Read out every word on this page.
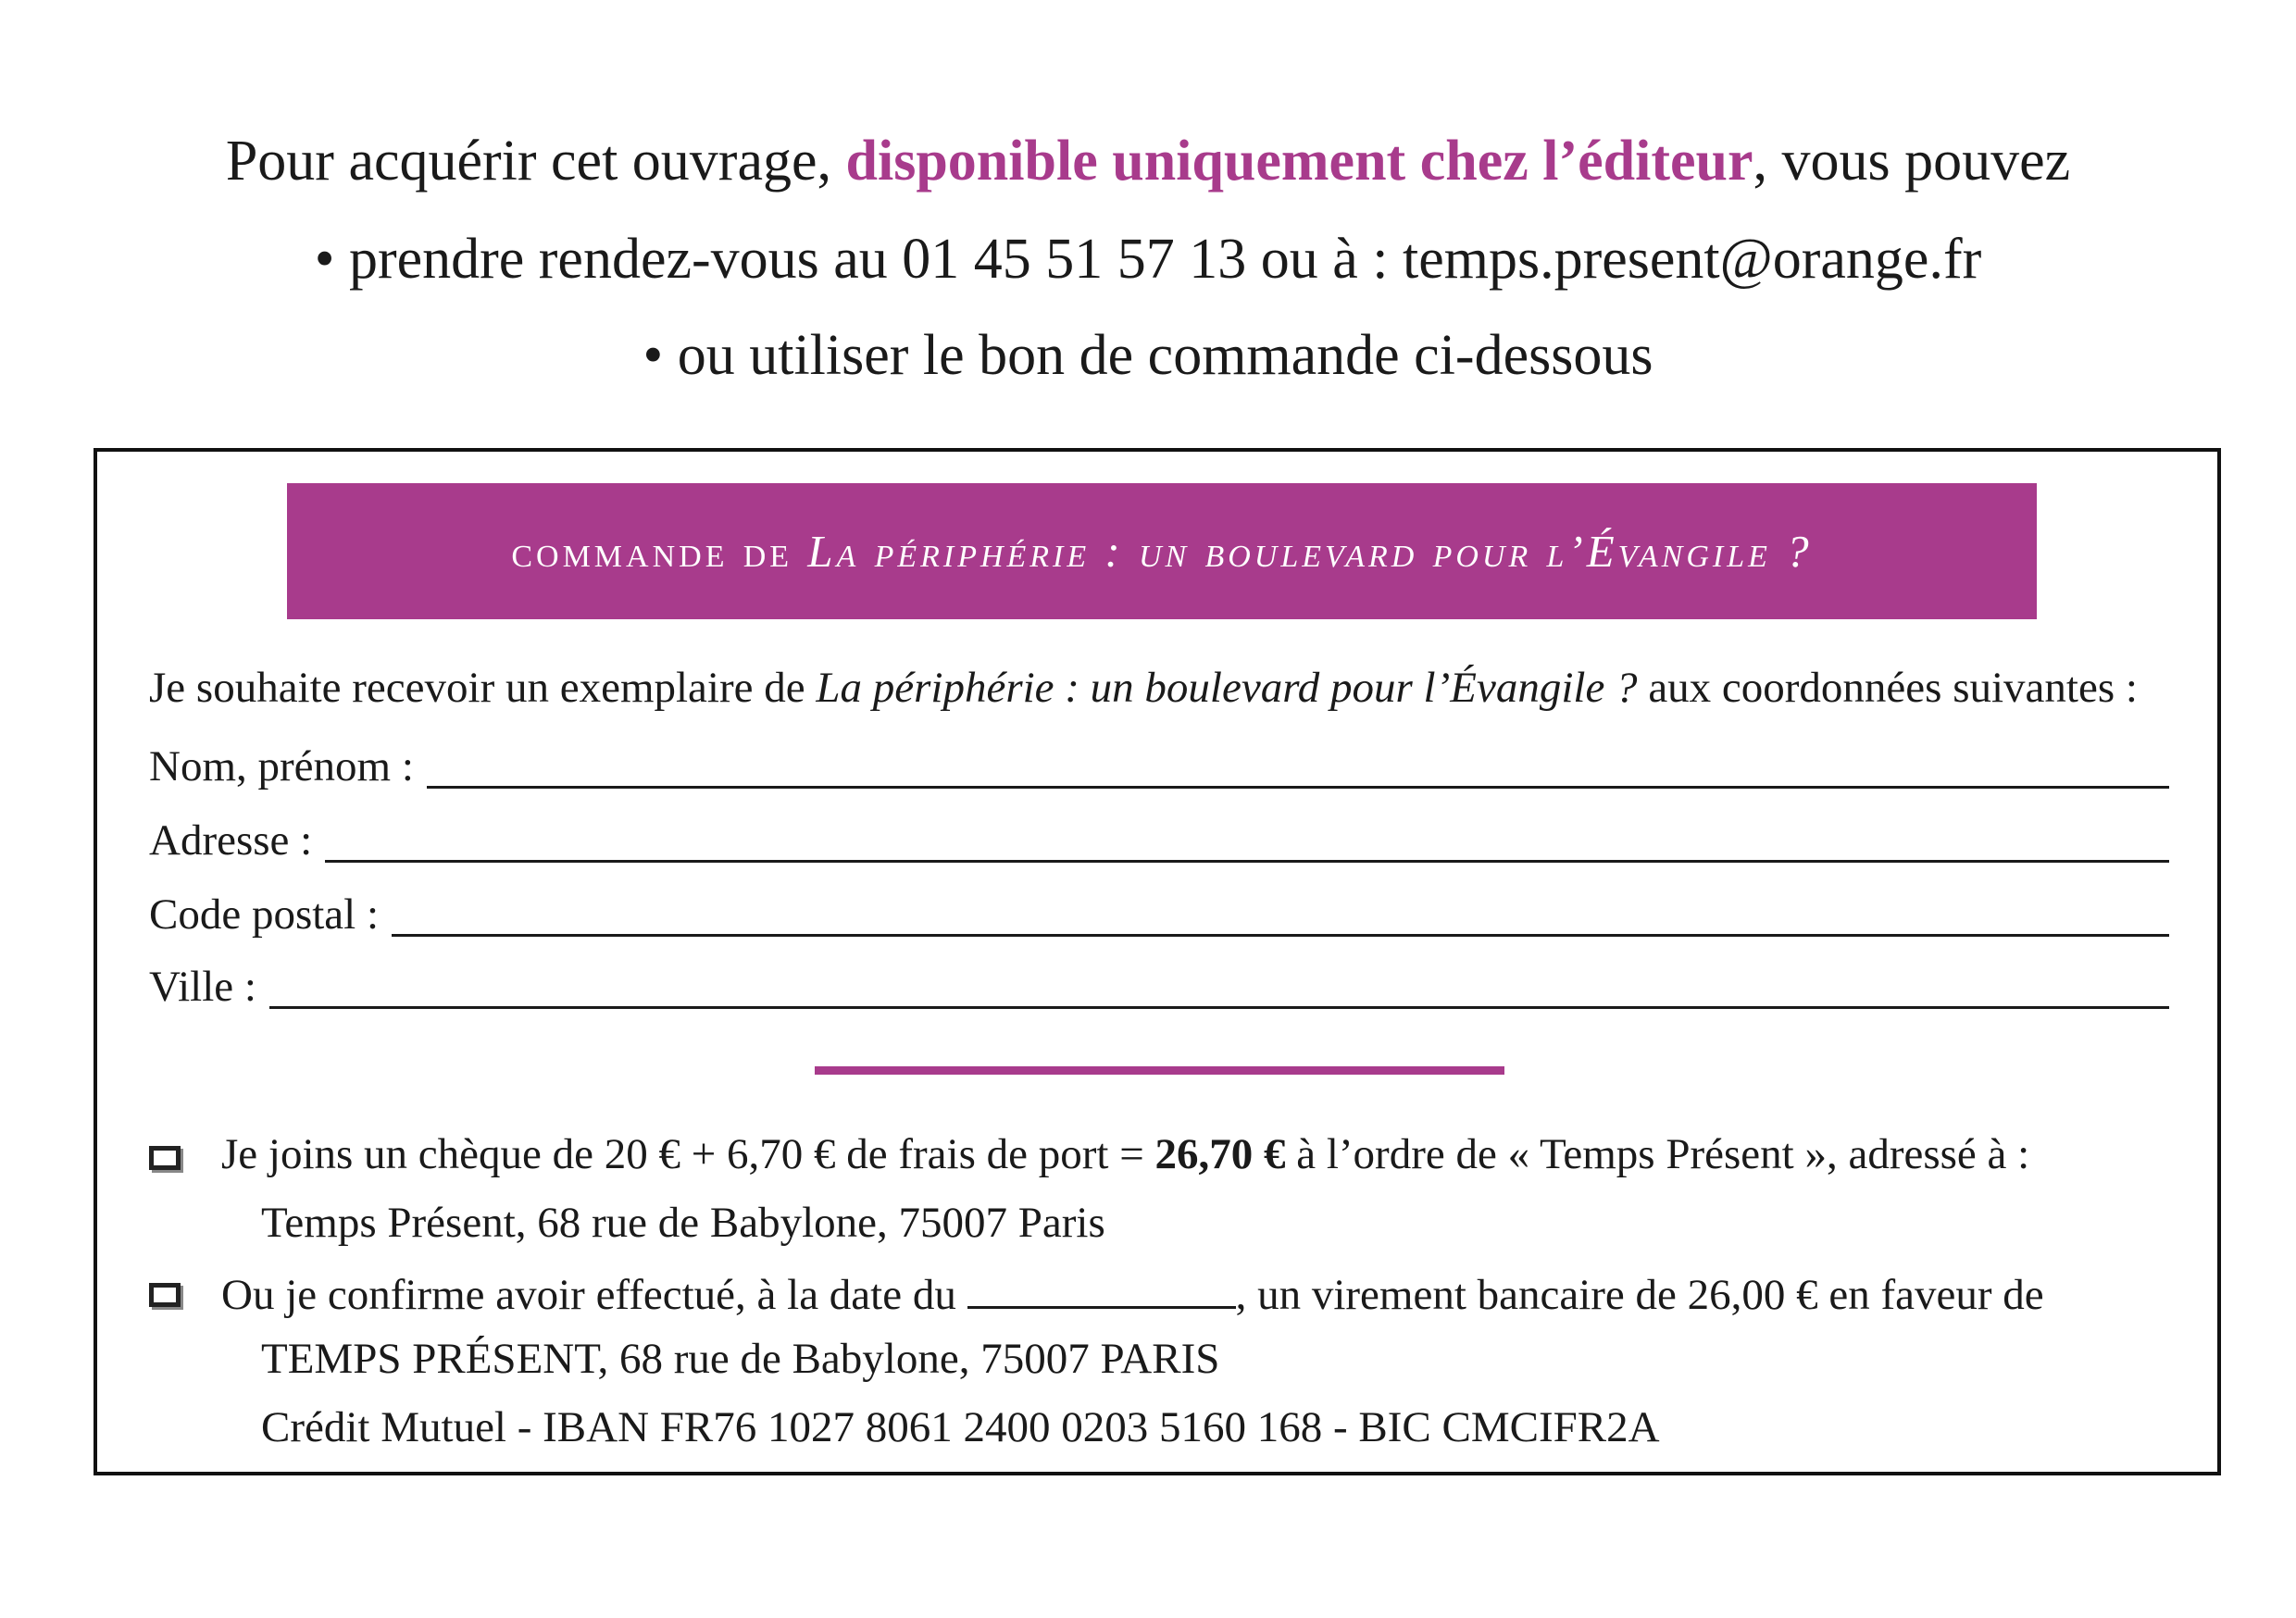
Pour acquérir cet ouvrage, disponible uniquement chez l’éditeur, vous pouvez
• prendre rendez-vous au 01 45 51 57 13 ou à : temps.present@orange.fr
• ou utiliser le bon de commande ci-dessous
commande de La périphérie : un boulevard pour l’Évangile ?
Je souhaite recevoir un exemplaire de La périphérie : un boulevard pour l’Évangile ? aux coordonnées suivantes :
Nom, prénom :
Adresse :
Code postal :
Ville :
Je joins un chèque de 20 € + 6,70 € de frais de port = 26,70 € à l’ordre de « Temps Présent », adressé à :
Temps Présent, 68 rue de Babylone, 75007 Paris
Ou je confirme avoir effectué, à la date du	, un virement bancaire de 26,00 € en faveur de
TEMPS PRÉSENT, 68 rue de Babylone, 75007 PARIS
Crédit Mutuel - IBAN FR76 1027 8061 2400 0203 5160 168 - BIC CMCIFR2A
